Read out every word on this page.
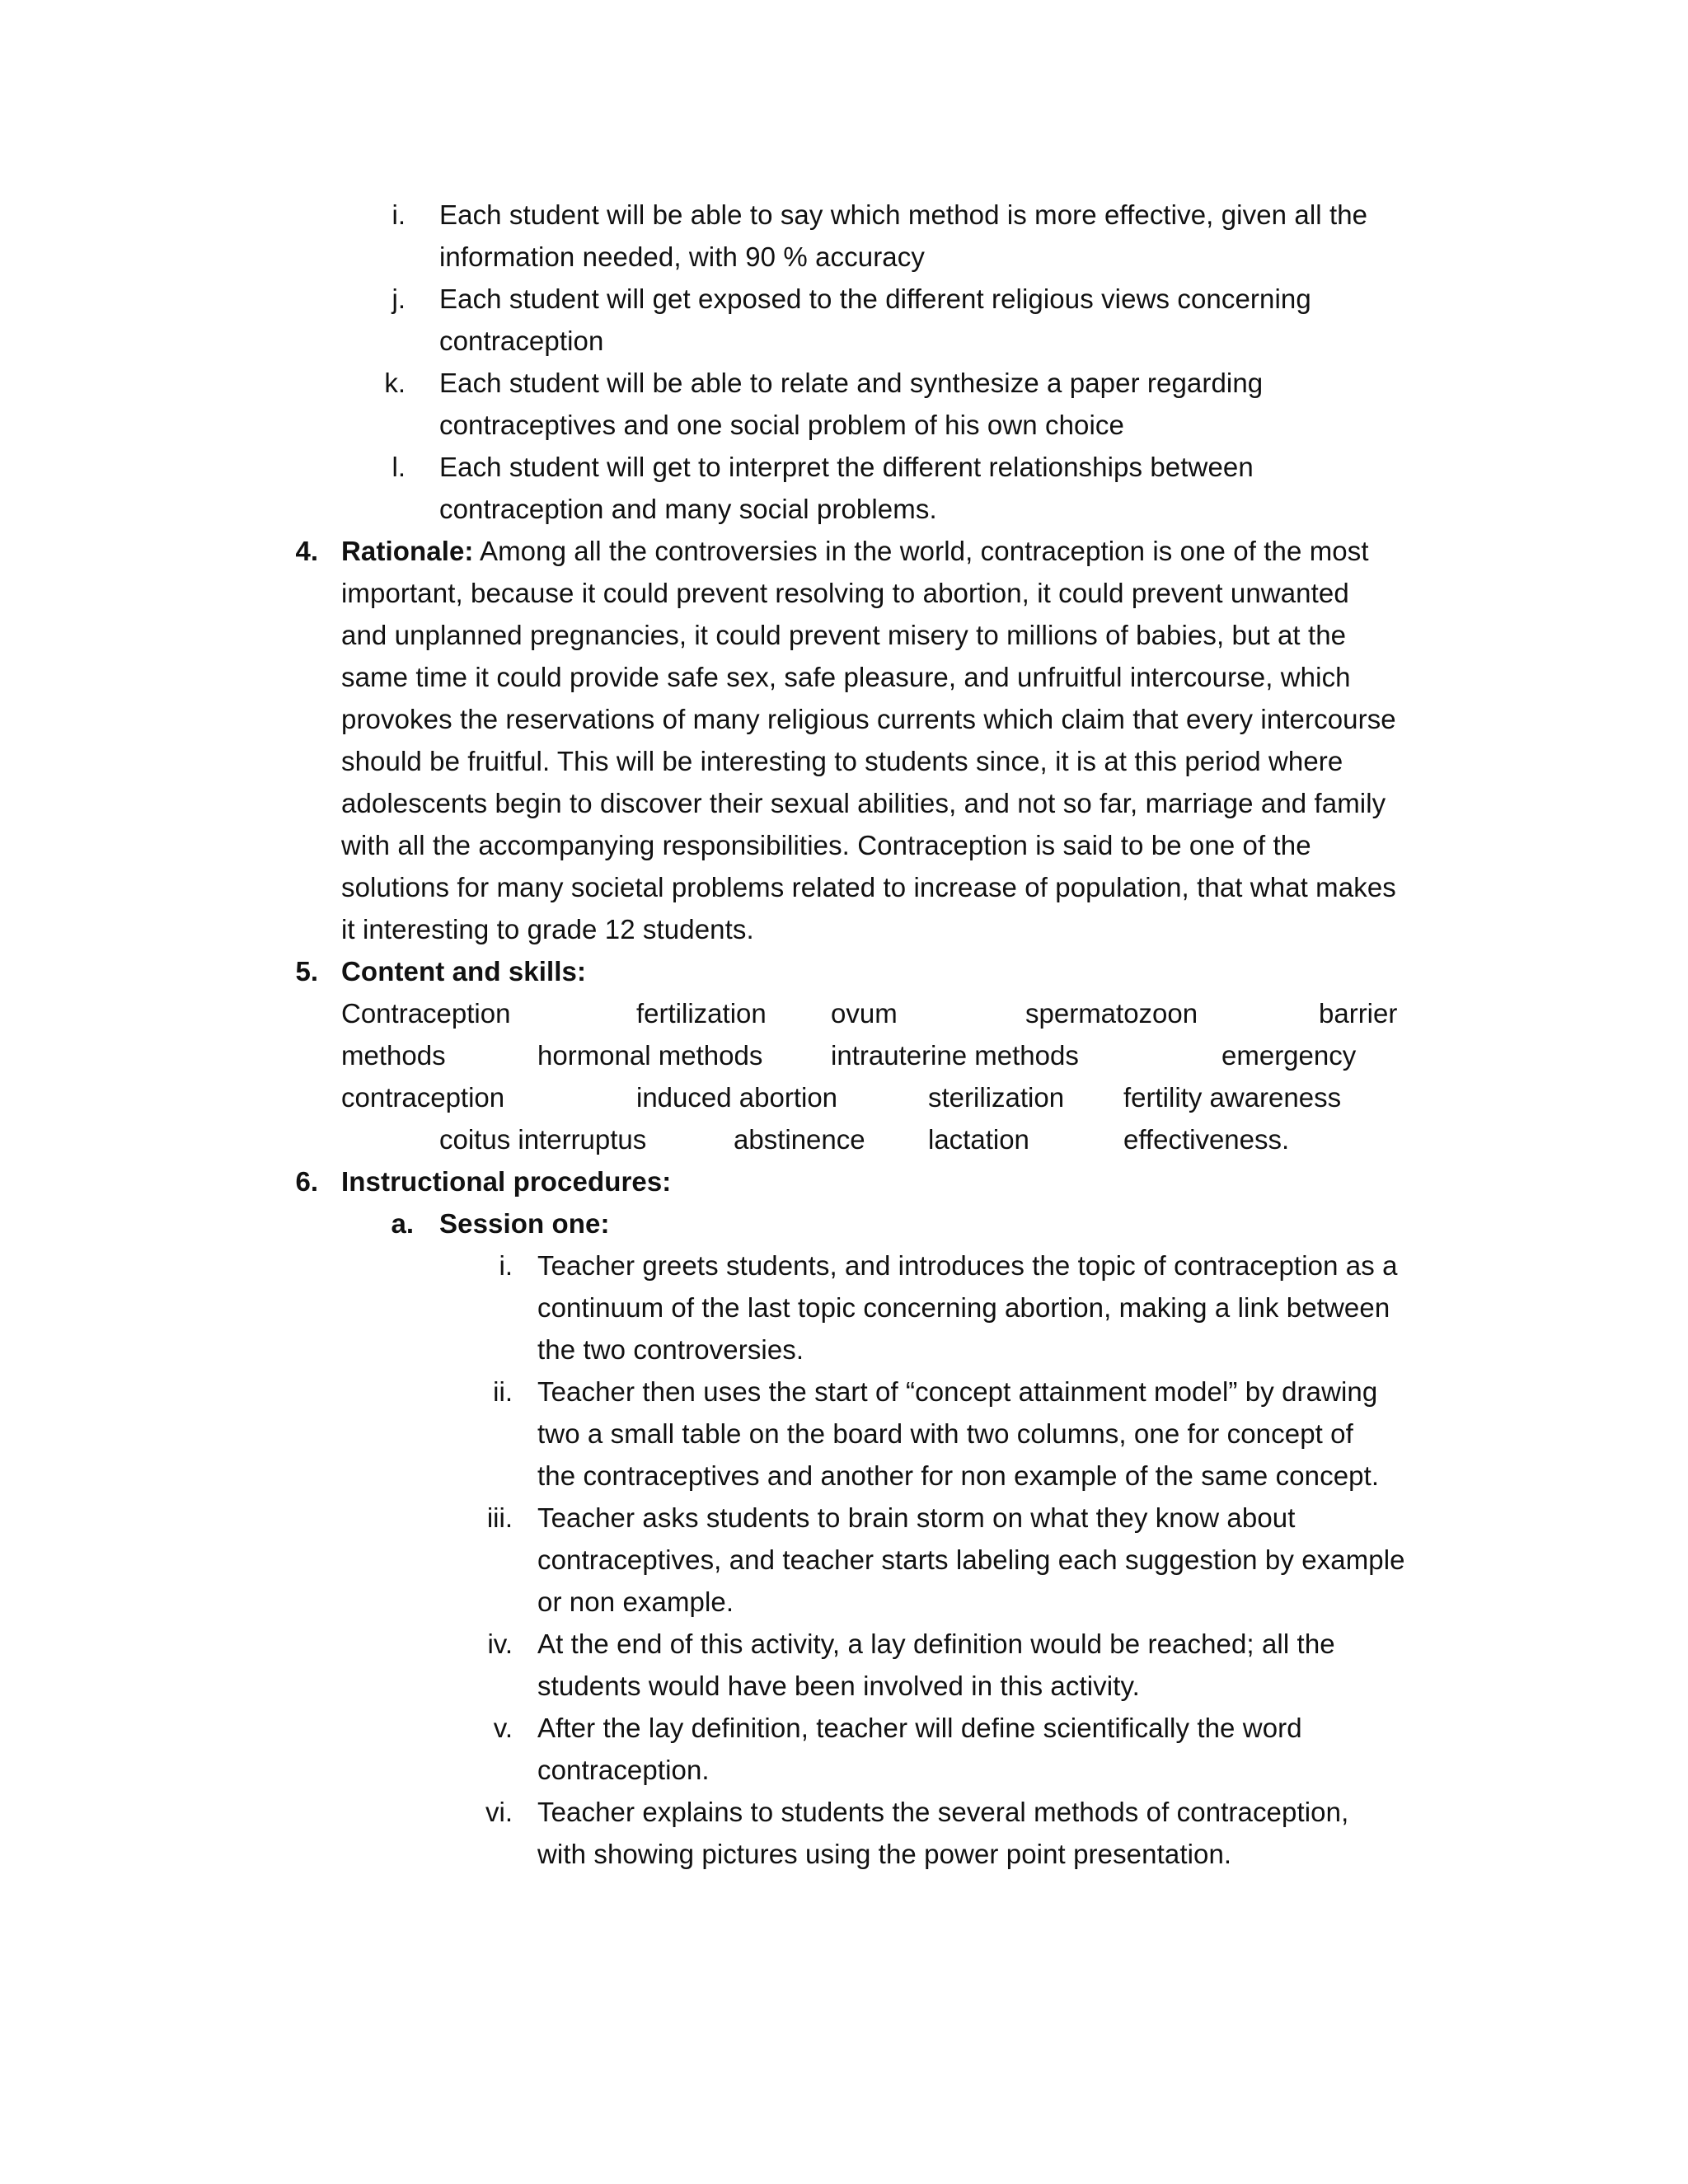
i. Each student will be able to say which method is more effective, given all the
information needed, with 90 % accuracy
j. Each student will get exposed to the different religious views concerning
contraception
k. Each student will be able to relate and synthesize a paper regarding
contraceptives and one social problem of his own choice
l. Each student will get to interpret the different relationships between
contraception and many social problems.
4. Rationale: Among all the controversies in the world, contraception is one of the most
important, because it could prevent resolving to abortion, it could prevent unwanted
and unplanned pregnancies, it could prevent misery to millions of babies, but at the
same time it could provide safe sex, safe pleasure, and unfruitful intercourse, which
provokes the reservations of many religious currents which claim that every intercourse
should be fruitful. This will be interesting to students since, it is at this period where
adolescents begin to discover their sexual abilities, and not so far, marriage and family
with all the accompanying responsibilities. Contraception is said to be one of the
solutions for many societal problems related to increase of population, that what makes
it interesting to grade 12 students.
5. Content and skills:
Contraception	fertilization ovum	spermatozoon	barrier
methods	hormonal methods	intrauterine methods	emergency
contraception	induced abortion	sterilization fertility awareness
coitus interruptus	abstinence lactation	effectiveness.
6. Instructional procedures:
a. Session one:
i. Teacher greets students, and introduces the topic of contraception as a
continuum of the last topic concerning abortion, making a link between
the two controversies.
ii. Teacher then uses the start of “concept attainment model” by drawing
two a small table on the board with two columns, one for concept of
the contraceptives and another for non example of the same concept.
iii. Teacher asks students to brain storm on what they know about
contraceptives, and teacher starts labeling each suggestion by example
or non example.
iv. At the end of this activity, a lay definition would be reached; all the
students would have been involved in this activity.
v. After the lay definition, teacher will define scientifically the word
contraception.
vi. Teacher explains to students the several methods of contraception,
with showing pictures using the power point presentation.
